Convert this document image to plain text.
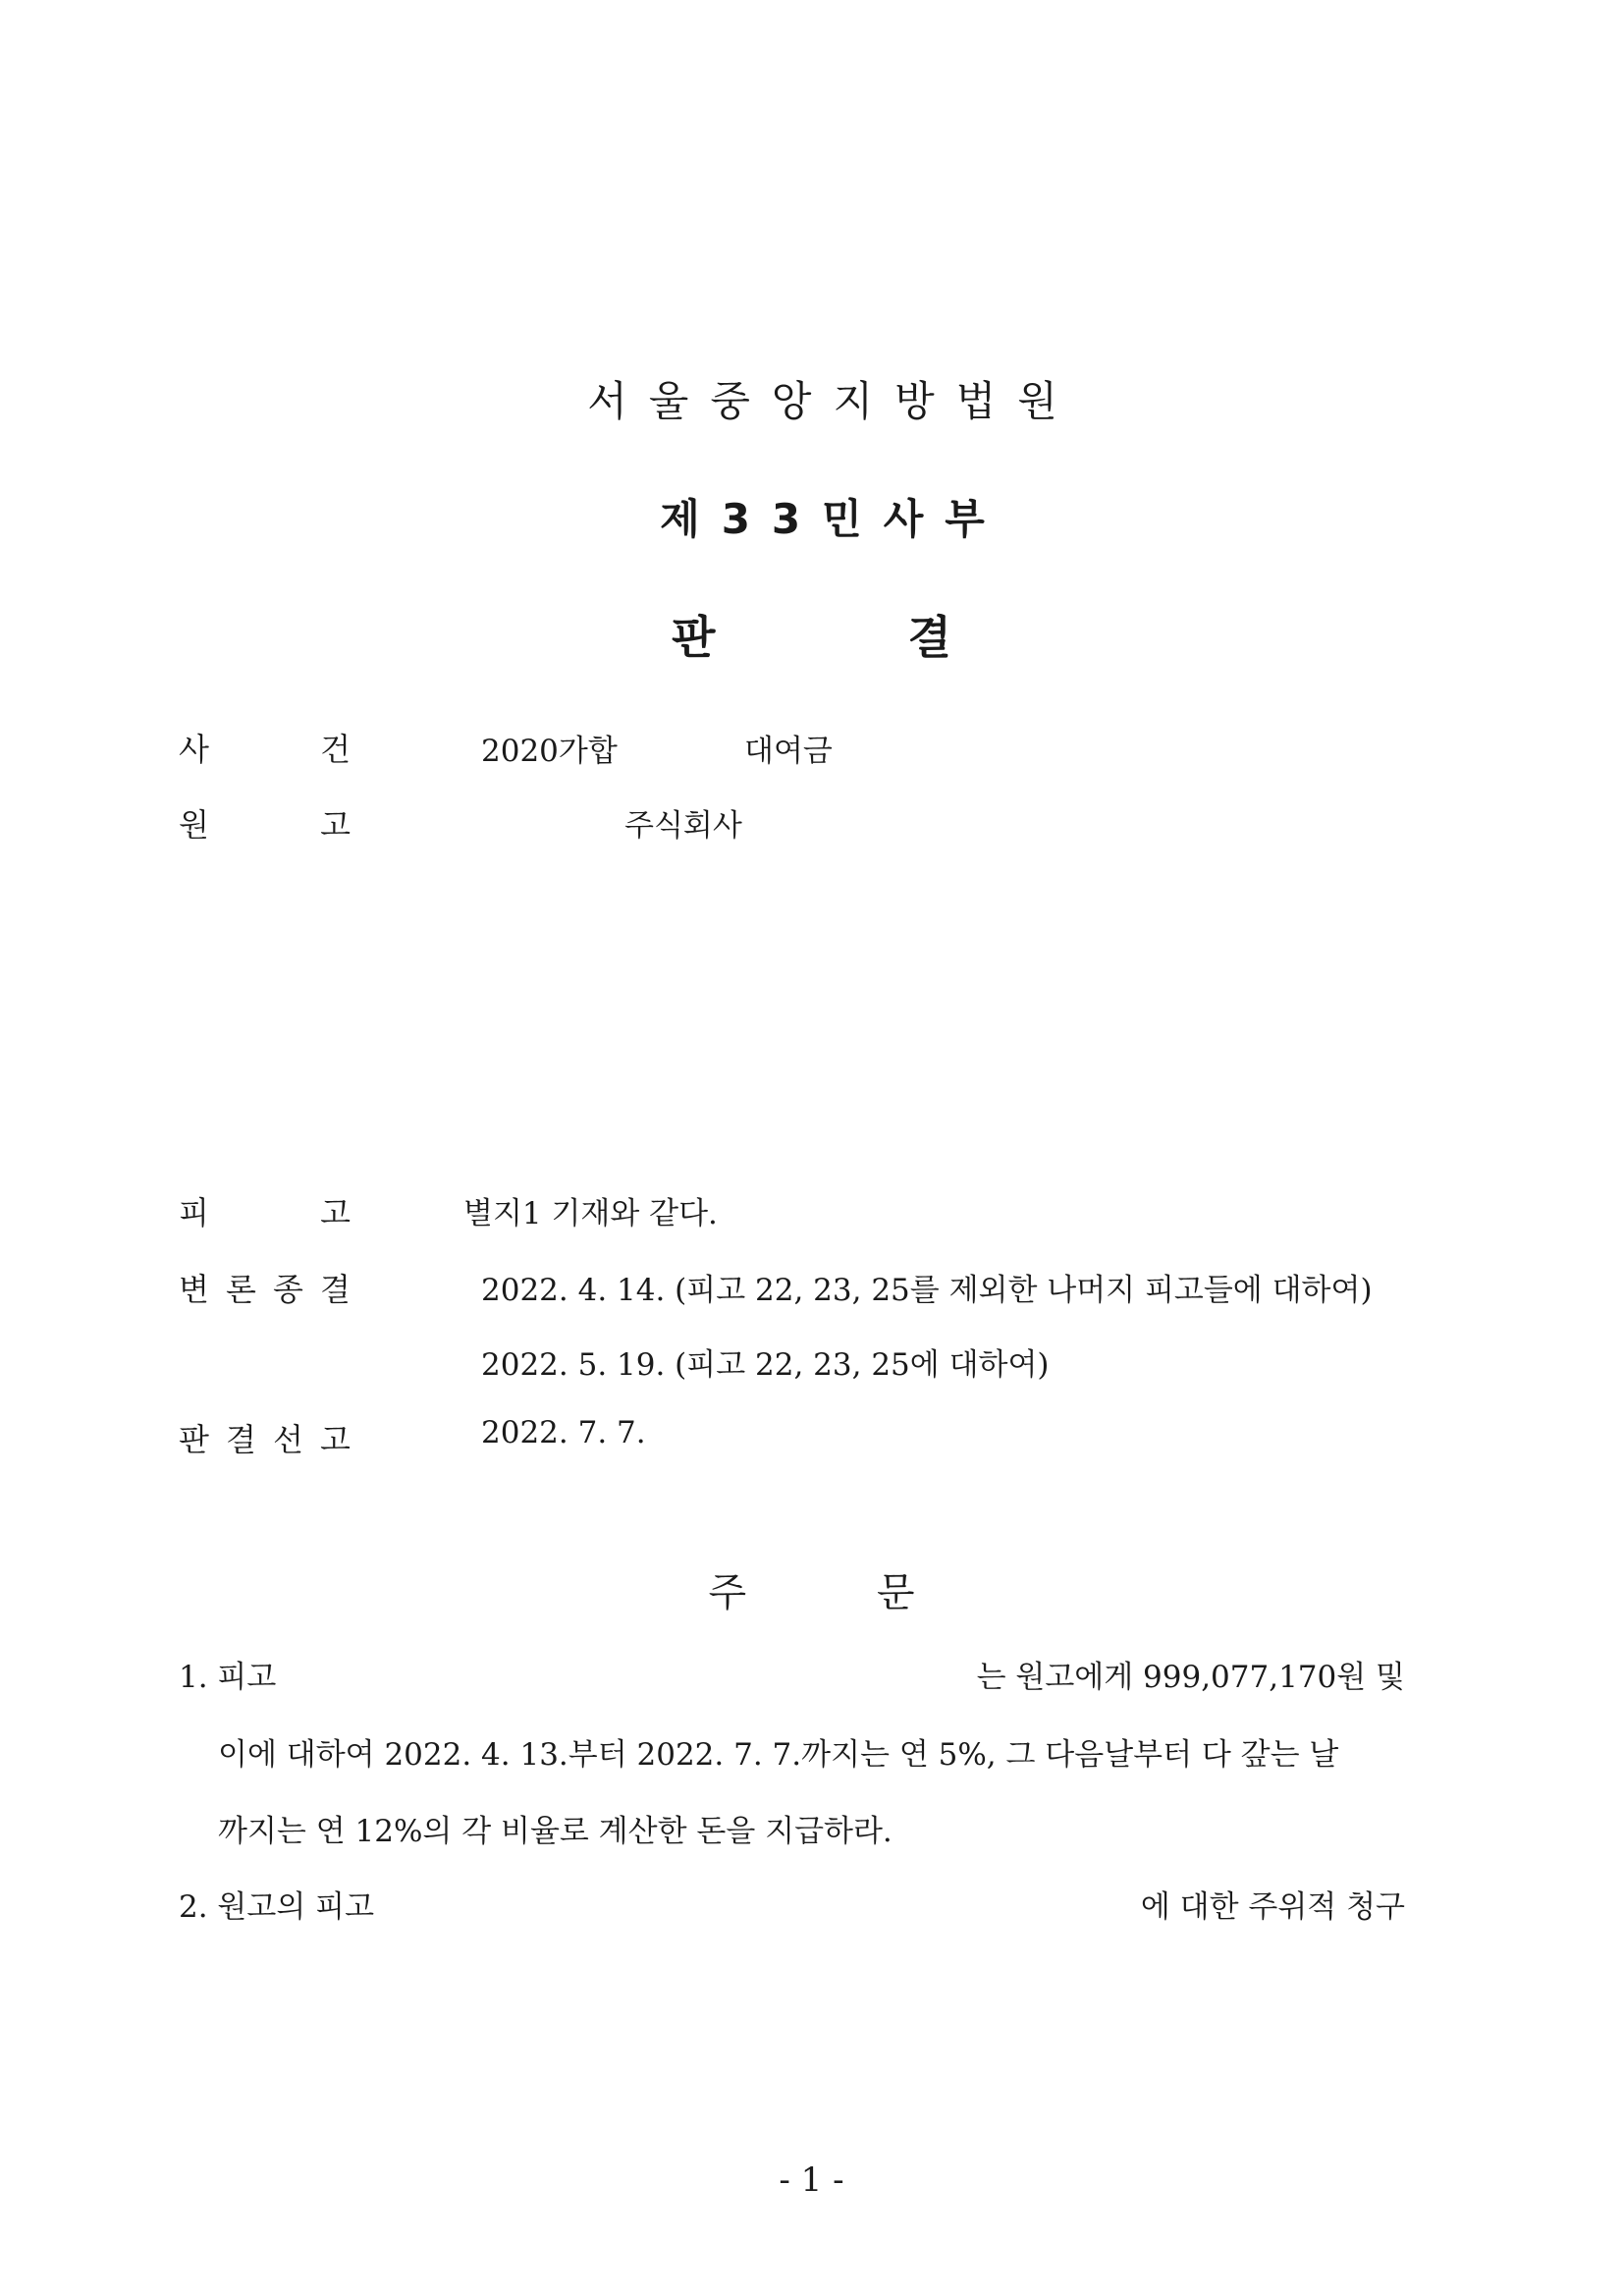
서울중앙지방법원
제33민사부
판 결
사	건	2020가합	대여금
원	고	주식회사
피	고	별지1 기재와 같다.
변 론 종 결	2022. 4. 14. (피고 22, 23, 25를 제외한 나머지 피고들에 대하여)
2022. 5. 19. (피고 22, 23, 25에 대하여)
판 결 선 고	2022. 7. 7.
주 문
1. 피고	는 원고에게 999,077,170원 및
이에 대하여 2022. 4. 13.부터 2022. 7. 7.까지는 연 5%, 그 다음날부터 다 갚는 날
까지는 연 12%의 각 비율로 계산한 돈을 지급하라.
2. 원고의 피고	에 대한 주위적 청구
- 1 -
